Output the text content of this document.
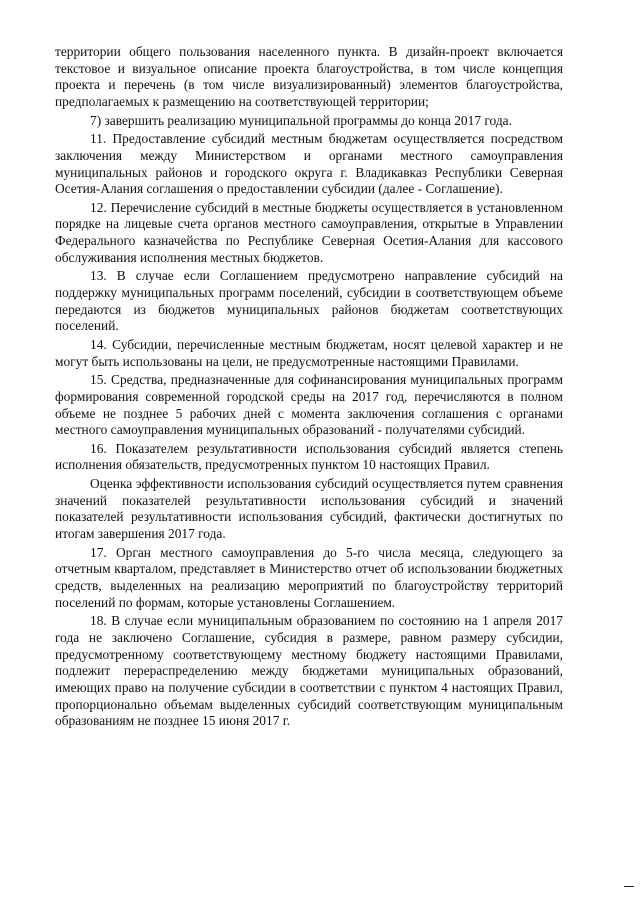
территории общего пользования населенного пункта. В дизайн-проект включается текстовое и визуальное описание проекта благоустройства, в том числе концепция проекта и перечень (в том числе визуализированный) элементов благоустройства, предполагаемых к размещению на соответствующей территории;

7) завершить реализацию муниципальной программы до конца 2017 года.

11. Предоставление субсидий местным бюджетам осуществляется посредством заключения между Министерством и органами местного самоуправления муниципальных районов и городского округа г. Владикавказ Республики Северная Осетия-Алания соглашения о предоставлении субсидии (далее - Соглашение).

12. Перечисление субсидий в местные бюджеты осуществляется в установленном порядке на лицевые счета органов местного самоуправления, открытые в Управлении Федерального казначейства по Республике Северная Осетия-Алания для кассового обслуживания исполнения местных бюджетов.

13. В случае если Соглашением предусмотрено направление субсидий на поддержку муниципальных программ поселений, субсидии в соответствующем объеме передаются из бюджетов муниципальных районов бюджетам соответствующих поселений.

14. Субсидии, перечисленные местным бюджетам, носят целевой характер и не могут быть использованы на цели, не предусмотренные настоящими Правилами.

15. Средства, предназначенные для софинансирования муниципальных программ формирования современной городской среды на 2017 год, перечисляются в полном объеме не позднее 5 рабочих дней с момента заключения соглашения с органами местного самоуправления муниципальных образований - получателями субсидий.

16. Показателем результативности использования субсидий является степень исполнения обязательств, предусмотренных пунктом 10 настоящих Правил.

Оценка эффективности использования субсидий осуществляется путем сравнения значений показателей результативности использования субсидий и значений показателей результативности использования субсидий, фактически достигнутых по итогам завершения 2017 года.

17. Орган местного самоуправления до 5-го числа месяца, следующего за отчетным кварталом, представляет в Министерство отчет об использовании бюджетных средств, выделенных на реализацию мероприятий по благоустройству территорий поселений по формам, которые установлены Соглашением.

18. В случае если муниципальным образованием по состоянию на 1 апреля 2017 года не заключено Соглашение, субсидия в размере, равном размеру субсидии, предусмотренному соответствующему местному бюджету настоящими Правилами, подлежит перераспределению между бюджетами муниципальных образований, имеющих право на получение субсидии в соответствии с пунктом 4 настоящих Правил, пропорционально объемам выделенных субсидий соответствующим муниципальным образованиям не позднее 15 июня 2017 г.
